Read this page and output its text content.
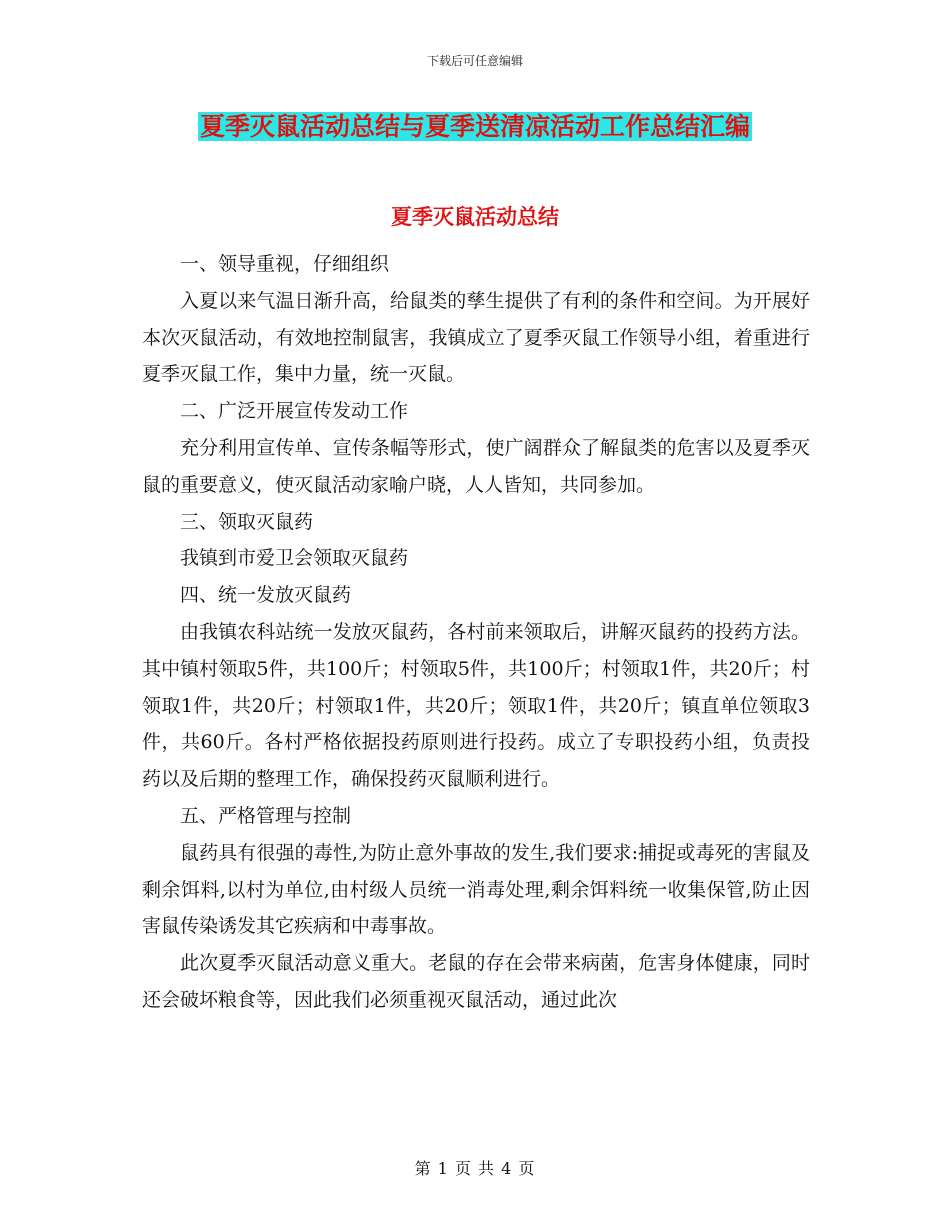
下载后可任意编辑
夏季灭鼠活动总结与夏季送清凉活动工作总结汇编
夏季灭鼠活动总结

一、领导重视，仔细组织

入夏以来气温日渐升高，给鼠类的孳生提供了有利的条件和空间。为开展好本次灭鼠活动，有效地控制鼠害，我镇成立了夏季灭鼠工作领导小组，着重进行夏季灭鼠工作，集中力量，统一灭鼠。

二、广泛开展宣传发动工作

充分利用宣传单、宣传条幅等形式，使广阔群众了解鼠类的危害以及夏季灭鼠的重要意义，使灭鼠活动家喻户晓，人人皆知，共同参加。

三、领取灭鼠药

我镇到市爱卫会领取灭鼠药

四、统一发放灭鼠药

由我镇农科站统一发放灭鼠药，各村前来领取后，讲解灭鼠药的投药方法。其中镇村领取5件，共100斤；村领取5件，共100斤；村领取1件，共20斤；村领取1件，共20斤；村领取1件，共20斤；领取1件，共20斤；镇直单位领取3件，共60斤。各村严格依据投药原则进行投药。成立了专职投药小组，负责投药以及后期的整理工作，确保投药灭鼠顺利进行。

五、严格管理与控制

鼠药具有很强的毒性,为防止意外事故的发生,我们要求:捕捉或毒死的害鼠及剩余饵料,以村为单位,由村级人员统一消毒处理,剩余饵料统一收集保管,防止因害鼠传染诱发其它疾病和中毒事故。

此次夏季灭鼠活动意义重大。老鼠的存在会带来病菌，危害身体健康，同时还会破坏粮食等，因此我们必须重视灭鼠活动，通过此次

第 1 页 共 4 页
